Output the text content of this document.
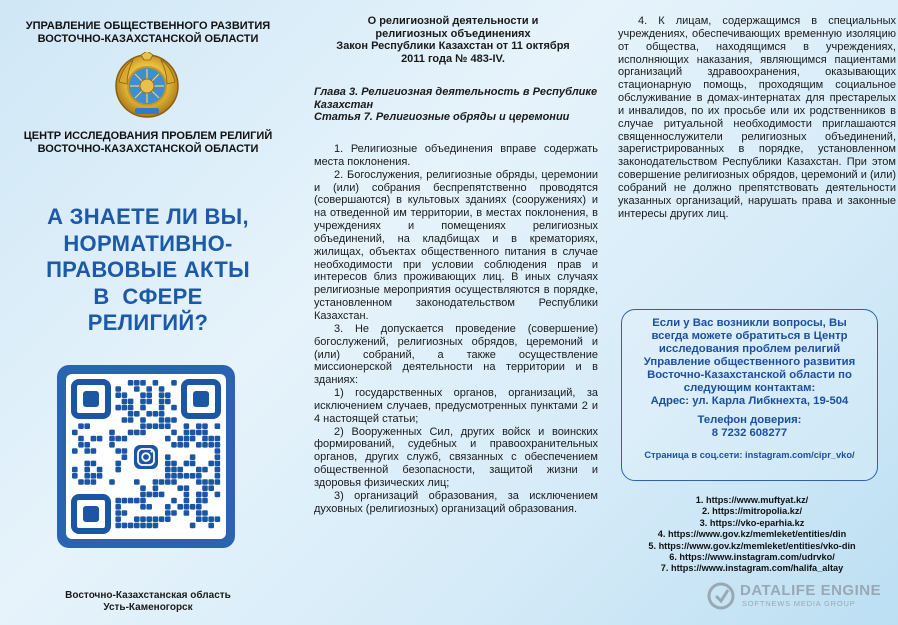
УПРАВЛЕНИЕ ОБЩЕСТВЕННОГО РАЗВИТИЯ
ВОСТОЧНО-КАЗАХСТАНСКОЙ ОБЛАСТИ
ЦЕНТР ИССЛЕДОВАНИЯ ПРОБЛЕМ РЕЛИГИЙ
ВОСТОЧНО-КАЗАХСТАНСКОЙ ОБЛАСТИ
А ЗНАЕТЕ ЛИ ВЫ,
НОРМАТИВНО-
ПРАВОВЫЕ АКТЫ
В  СФЕРЕ
РЕЛИГИЙ?
Восточно-Казахстанская область
Усть-Каменогорск
О религиозной деятельности и
религиозных объединениях
Закон Республики Казахстан от 11 октября
2011 года № 483-IV.
Глава 3. Религиозная деятельность в Республике Казахстан
Статья 7. Религиозные обряды и церемонии

1. Религиозные объединения вправе содержать места поклонения.

2. Богослужения, религиозные обряды, церемонии и (или) собрания беспрепятственно проводятся (совершаются) в культовых зданиях (сооружениях) и на отведенной им территории, в местах поклонения, в учреждениях и помещениях религиозных объединений, на кладбищах и в крематориях, жилищах, объектах общественного питания в случае необходимости при условии соблюдения прав и интересов близ проживающих лиц. В иных случаях религиозные мероприятия осуществляются в порядке, установленном законодательством Республики Казахстан.

3. Не допускается проведение (совершение) богослужений, религиозных обрядов, церемоний и (или) собраний, а также осуществление миссионерской деятельности на территории и в зданиях:

1) государственных органов, организаций, за исключением случаев, предусмотренных пунктами 2 и 4 настоящей статьи;

2) Вооруженных Сил, других войск и воинских формирований, судебных и правоохранительных органов, других служб, связанных с обеспечением общественной безопасности, защитой жизни и здоровья физических лиц;

3) организаций образования, за исключением духовных (религиозных) организаций образования.

4. К лицам, содержащимся в специальных учреждениях, обеспечивающих временную изоляцию от общества, находящимся в учреждениях, исполняющих наказания, являющимся пациентами организаций здравоохранения, оказывающих стационарную помощь, проходящим социальное обслуживание в домах-интернатах для престарелых и инвалидов, по их просьбе или их родственников в случае ритуальной необходимости приглашаются священнослужители религиозных объединений, зарегистрированных в порядке, установленном законодательством Республики Казахстан. При этом совершение религиозных обрядов, церемоний и (или) собраний не должно препятствовать деятельности указанных организаций, нарушать права и законные интересы других лиц.

Если у Вас возникли вопросы, Вы
всегда можете обратиться в Центр
исследования проблем религий
Управление общественного развития
Восточно-Казахстанской области по
следующим контактам:
Адрес: ул. Карла Либкнехта, 19-504
Телефон доверия:
8 7232 608277
Страница в соц.сети: instagram.com/cipr_vko/
1. https://www.muftyat.kz/
2. https://mitropolia.kz/
3. https://vko-eparhia.kz
4. https://www.gov.kz/memleket/entities/din
5. https://www.gov.kz/memleket/entities/vko-din
6. https://www.instagram.com/udrvko/
7. https://www.instagram.com/halifa_altay
DATALIFE ENGINE
SOFTNEWS MEDIA GROUP
